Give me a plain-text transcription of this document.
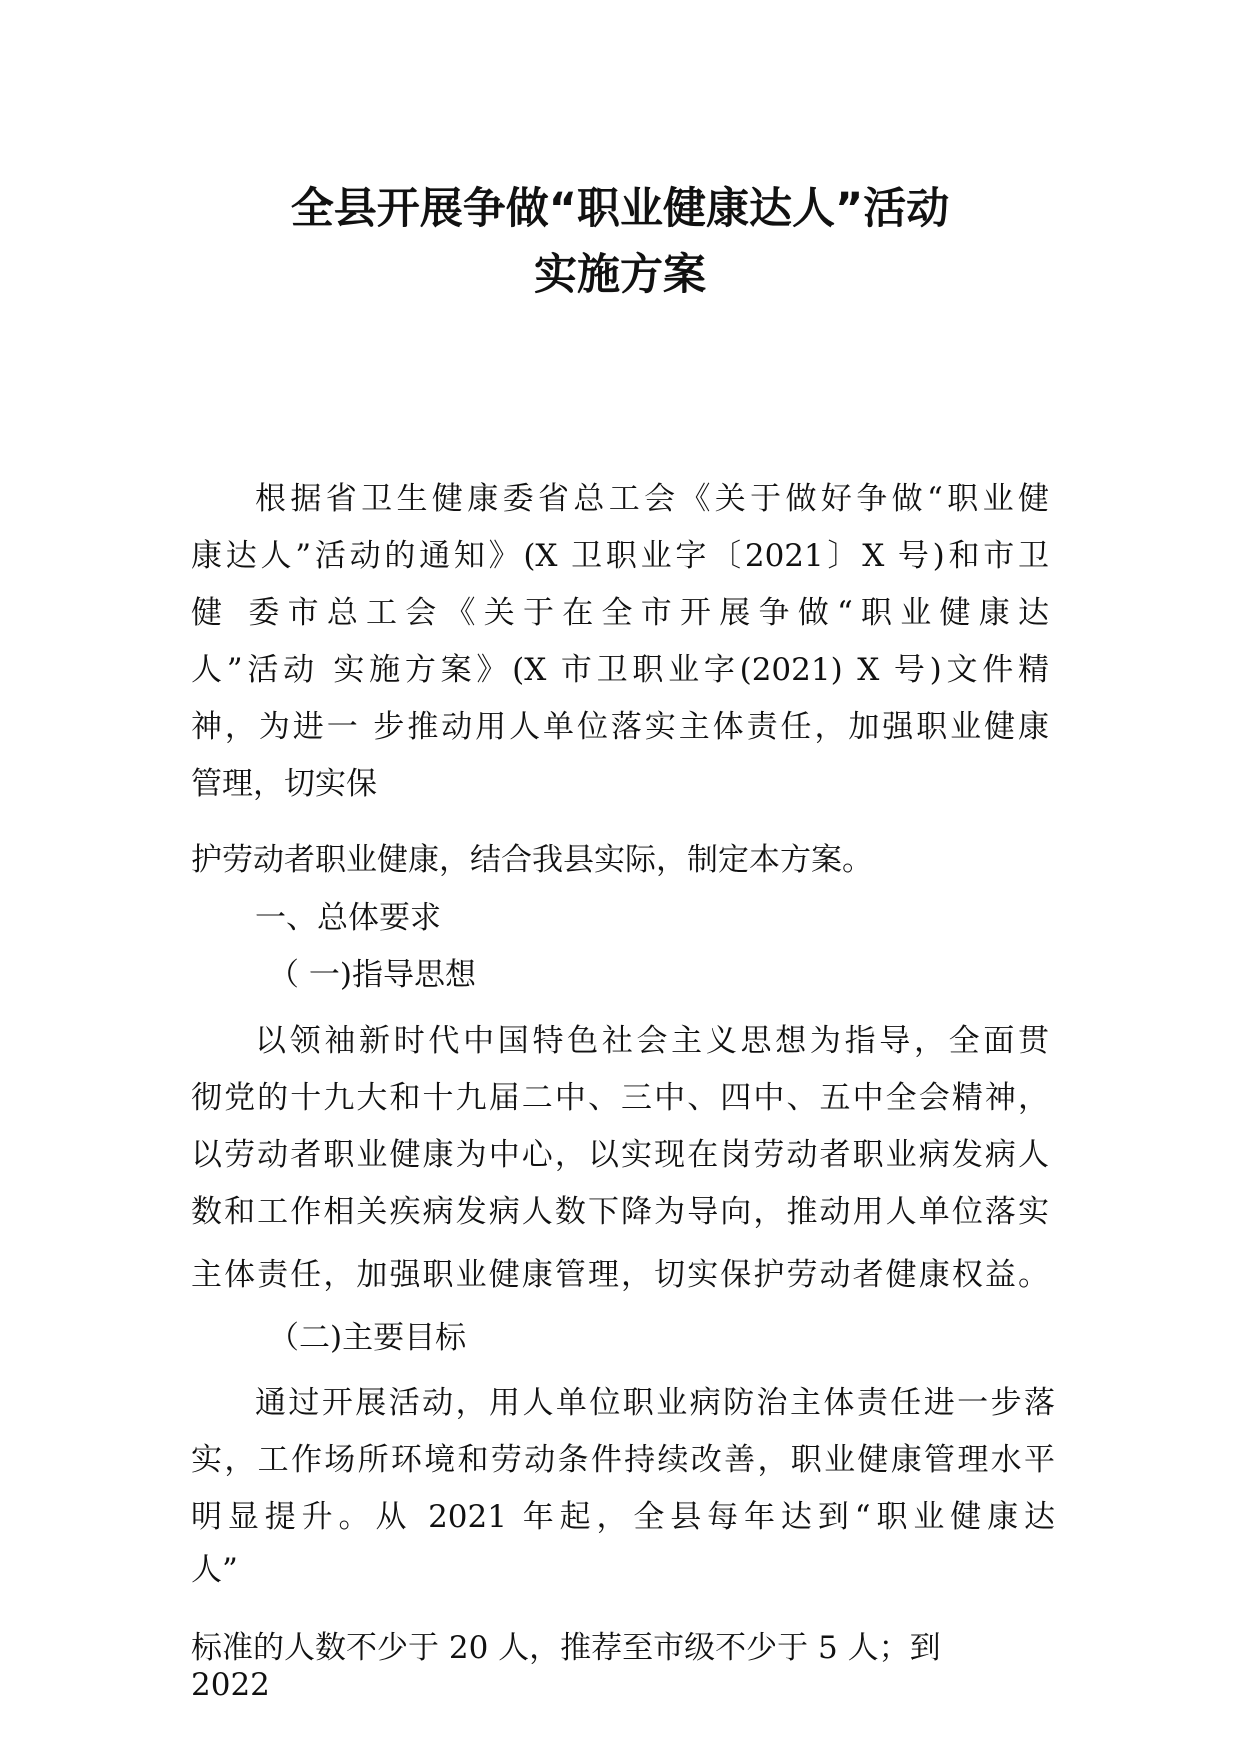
全县开展争做“职业健康达人”活动
实施方案

根据省卫生健康委省总工会《关于做好争做“职业健

康达人”活动的通知》(X 卫职业字〔2021〕X 号)和市卫

健 委市总工会《关于在全市开展争做“职业健康达

人”活动 实施方案》(X 市卫职业字(2021) X 号)文件精

神，为进一 步推动用人单位落实主体责任，加强职业健康

管理，切实保

护劳动者职业健康，结合我县实际，制定本方案。

一、总体要求

（ 一)指导思想

以领袖新时代中国特色社会主义思想为指导，全面贯

彻党的十九大和十九届二中、三中、四中、五中全会精神，

以劳动者职业健康为中心，以实现在岗劳动者职业病发病人

数和工作相关疾病发病人数下降为导向，推动用人单位落实

主体责任，加强职业健康管理，切实保护劳动者健康权益。

（二)主要目标

通过开展活动，用人单位职业病防治主体责任进一步落

实，工作场所环境和劳动条件持续改善，职业健康管理水平

明显提升。从 2021 年起，全县每年达到“职业健康达

人”

标准的人数不少于 20 人，推荐至市级不少于 5 人；到

2022
